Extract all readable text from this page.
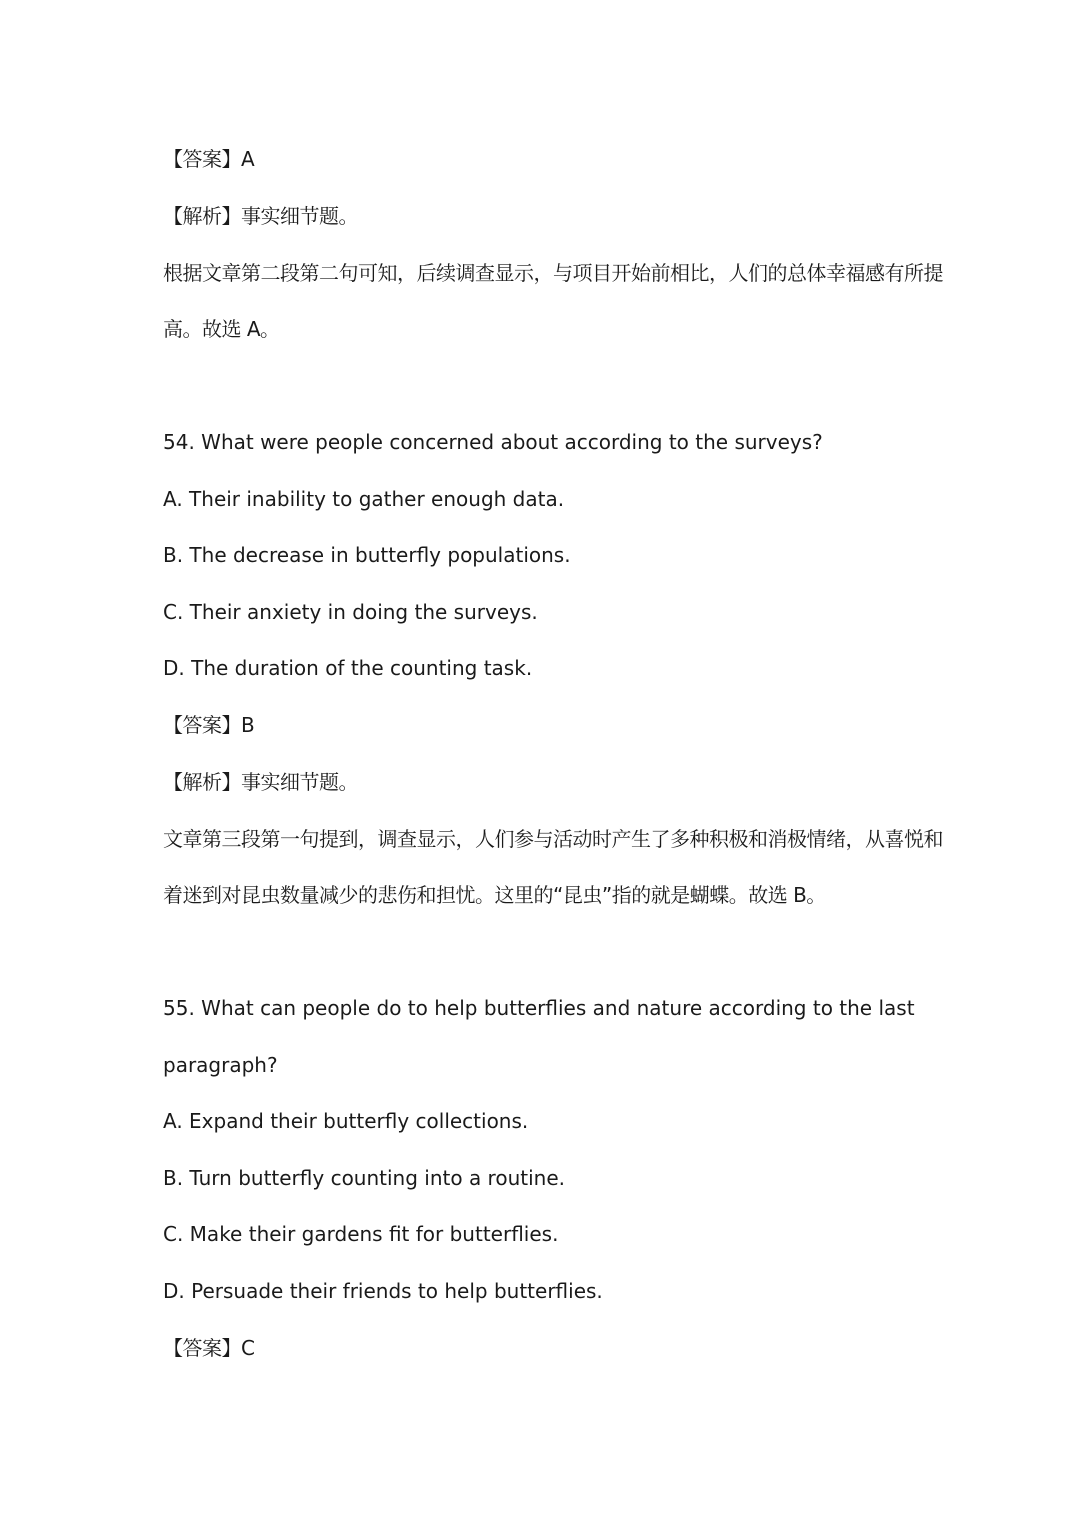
【答案】A
【解析】事实细节题。
根据文章第二段第二句可知，后续调查显示，与项目开始前相比，人们的总体幸福感有所提
高。故选 A。
54. What were people concerned about according to the surveys?
A. Their inability to gather enough data.
B. The decrease in butterfly populations.
C. Their anxiety in doing the surveys.
D. The duration of the counting task.
【答案】B
【解析】事实细节题。
文章第三段第一句提到，调查显示，人们参与活动时产生了多种积极和消极情绪，从喜悦和
着迷到对昆虫数量减少的悲伤和担忧。这里的“昆虫”指的就是蝴蝶。故选 B。
55. What can people do to help butterflies and nature according to the last
paragraph?
A. Expand their butterfly collections.
B. Turn butterfly counting into a routine.
C. Make their gardens fit for butterflies.
D. Persuade their friends to help butterflies.
【答案】C
